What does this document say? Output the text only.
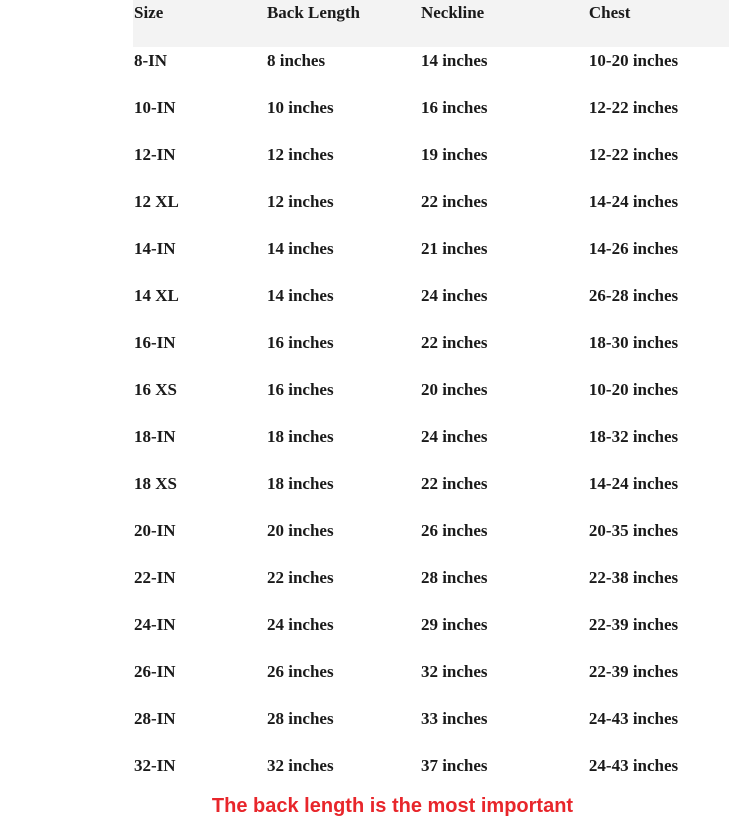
Size	Back Length	Neckline	Chest
8-IN	8 inches	14 inches	10-20 inches
10-IN	10 inches	16 inches	12-22 inches
12-IN	12 inches	19 inches	12-22 inches
12 XL	12 inches	22 inches	14-24 inches
14-IN	14 inches	21 inches	14-26 inches
14 XL	14 inches	24 inches	26-28 inches
16-IN	16 inches	22 inches	18-30 inches
16 XS	16 inches	20 inches	10-20 inches
18-IN	18 inches	24 inches	18-32 inches
18 XS	18 inches	22 inches	14-24 inches
20-IN	20 inches	26 inches	20-35 inches
22-IN	22 inches	28 inches	22-38 inches
24-IN	24 inches	29 inches	22-39 inches
26-IN	26 inches	32 inches	22-39 inches
28-IN	28 inches	33 inches	24-43 inches
32-IN	32 inches	37 inches	24-43 inches
The back length is the most important
